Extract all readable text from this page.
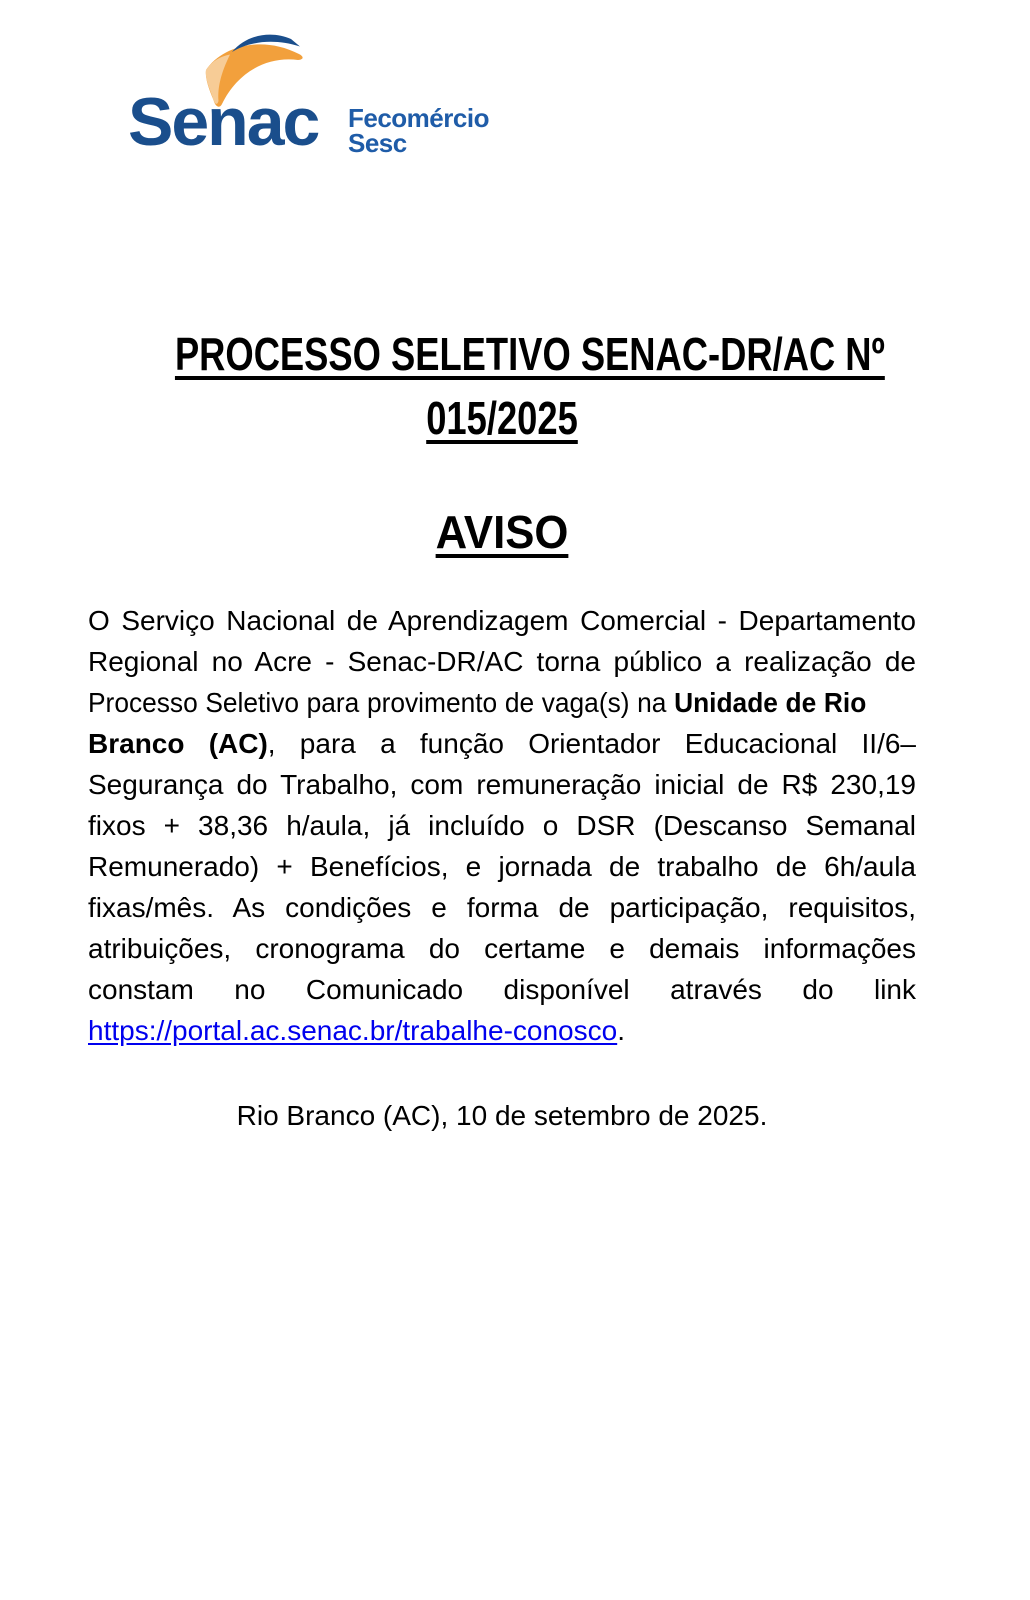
Senac Fecomércio
Sesc
PROCESSO SELETIVO SENAC-DR/AC Nº
015/2025
AVISO
O Serviço Nacional de Aprendizagem Comercial - Departamento
Regional no Acre - Senac-DR/AC torna público a realização de
Processo Seletivo para provimento de vaga(s) na Unidade de Rio
Branco (AC), para a função Orientador Educacional II/6–
Segurança do Trabalho, com remuneração inicial de R$ 230,19
fixos + 38,36 h/aula, já incluído o DSR (Descanso Semanal
Remunerado) + Benefícios, e jornada de trabalho de 6h/aula
fixas/mês. As condições e forma de participação, requisitos,
atribuições, cronograma do certame e demais informações
constam no Comunicado disponível através do link
https://portal.ac.senac.br/trabalhe-conosco.
Rio Branco (AC), 10 de setembro de 2025.
